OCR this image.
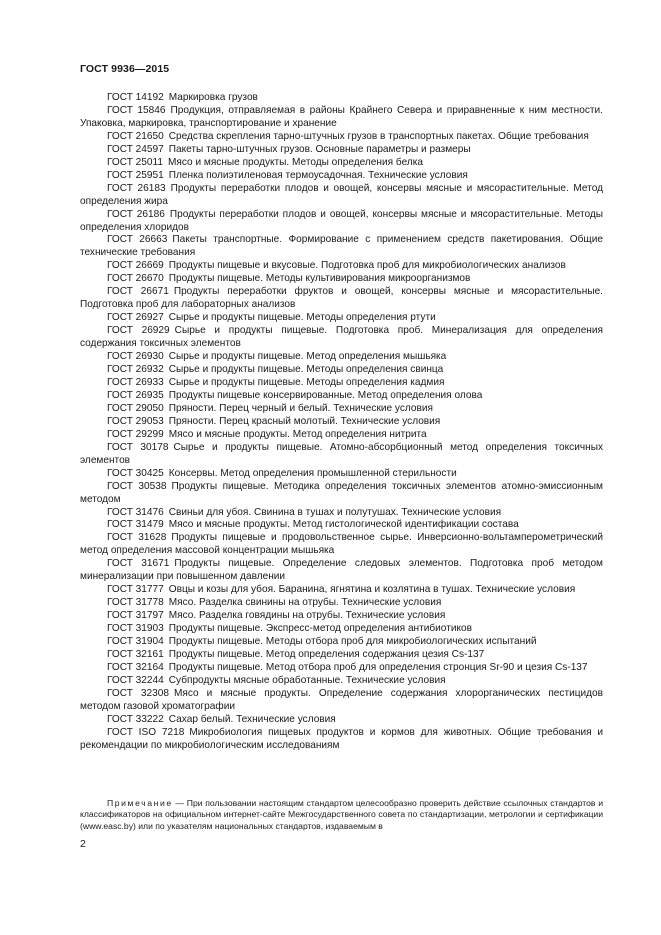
ГОСТ 9936—2015

ГОСТ 14192 Маркировка грузов

ГОСТ 15846 Продукция, отправляемая в районы Крайнего Севера и приравненные к ним местности. Упаковка, маркировка, транспортирование и хранение

ГОСТ 21650 Средства скрепления тарно-штучных грузов в транспортных пакетах. Общие требования

ГОСТ 24597 Пакеты тарно-штучных грузов. Основные параметры и размеры

ГОСТ 25011 Мясо и мясные продукты. Методы определения белка

ГОСТ 25951 Пленка полиэтиленовая термоусадочная. Технические условия

ГОСТ 26183 Продукты переработки плодов и овощей, консервы мясные и мясорастительные. Метод определения жира

ГОСТ 26186 Продукты переработки плодов и овощей, консервы мясные и мясорастительные. Методы определения хлоридов

ГОСТ 26663 Пакеты транспортные. Формирование с применением средств пакетирования. Общие технические требования

ГОСТ 26669 Продукты пищевые и вкусовые. Подготовка проб для микробиологических анализов

ГОСТ 26670 Продукты пищевые. Методы культивирования микроорганизмов

ГОСТ 26671 Продукты переработки фруктов и овощей, консервы мясные и мясорастительные. Подготовка проб для лабораторных анализов

ГОСТ 26927 Сырье и продукты пищевые. Методы определения ртути

ГОСТ 26929 Сырье и продукты пищевые. Подготовка проб. Минерализация для определения содержания токсичных элементов

ГОСТ 26930 Сырье и продукты пищевые. Метод определения мышьяка

ГОСТ 26932 Сырье и продукты пищевые. Методы определения свинца

ГОСТ 26933 Сырье и продукты пищевые. Методы определения кадмия

ГОСТ 26935 Продукты пищевые консервированные. Метод определения олова

ГОСТ 29050 Пряности. Перец черный и белый. Технические условия

ГОСТ 29053 Пряности. Перец красный молотый. Технические условия

ГОСТ 29299 Мясо и мясные продукты. Метод определения нитрита

ГОСТ 30178 Сырье и продукты пищевые. Атомно-абсорбционный метод определения токсичных элементов

ГОСТ 30425 Консервы. Метод определения промышленной стерильности

ГОСТ 30538 Продукты пищевые. Методика определения токсичных элементов атомно-эмиссионным методом

ГОСТ 31476 Свиньи для убоя. Свинина в тушах и полутушах. Технические условия

ГОСТ 31479 Мясо и мясные продукты. Метод гистологической идентификации состава

ГОСТ 31628 Продукты пищевые и продовольственное сырье. Инверсионно-вольтамперометрический метод определения массовой концентрации мышьяка

ГОСТ 31671 Продукты пищевые. Определение следовых элементов. Подготовка проб методом минерализации при повышенном давлении

ГОСТ 31777 Овцы и козы для убоя. Баранина, ягнятина и козлятина в тушах. Технические условия

ГОСТ 31778 Мясо. Разделка свинины на отрубы. Технические условия

ГОСТ 31797 Мясо. Разделка говядины на отрубы. Технические условия

ГОСТ 31903 Продукты пищевые. Экспресс-метод определения антибиотиков

ГОСТ 31904 Продукты пищевые. Методы отбора проб для микробиологических испытаний

ГОСТ 32161 Продукты пищевые. Метод определения содержания цезия Cs-137

ГОСТ 32164 Продукты пищевые. Метод отбора проб для определения стронция Sr-90 и цезия Cs-137

ГОСТ 32244 Субпродукты мясные обработанные. Технические условия

ГОСТ 32308 Мясо и мясные продукты. Определение содержания хлорорганических пестицидов методом газовой хроматографии

ГОСТ 33222 Сахар белый. Технические условия

ГОСТ ISO 7218 Микробиология пищевых продуктов и кормов для животных. Общие требования и рекомендации по микробиологическим исследованиям

Примечание — При пользовании настоящим стандартом целесообразно проверить действие ссылочных стандартов и классификаторов на официальном интернет-сайте Межгосударственного совета по стандартизации, метрологии и сертификации (www.easc.by) или по указателям национальных стандартов, издаваемым в

2
